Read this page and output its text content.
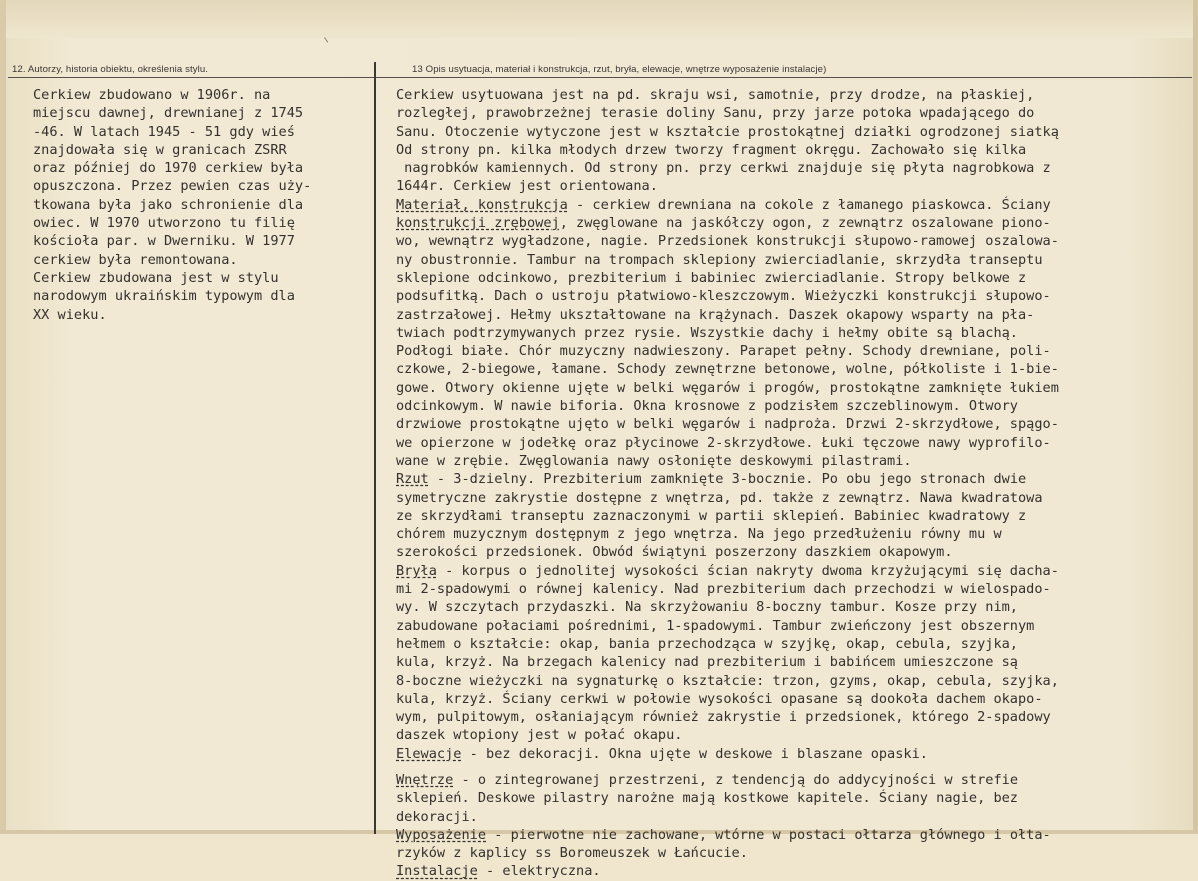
12. Autorzy, historia obiektu, określenia stylu.	13 Opis usytuacja, materiał i konstrukcja, rzut, bryła, elewacje, wnętrze wyposażenie instalacje)
Cerkiew zbudowano w 1906r. na
miejscu dawnej, drewnianej z 1745
-46. W latach 1945 - 51 gdy wieś
znajdowała się w granicach ZSRR
oraz później do 1970 cerkiew była
opuszczona. Przez pewien czas uży-
tkowana była jako schronienie dla
owiec. W 1970 utworzono tu filię
kościoła par. w Dwerniku. W 1977
cerkiew była remontowana.
Cerkiew zbudowana jest w stylu
narodowym ukraińskim typowym dla
XX wieku.
Cerkiew usytuowana jest na pd. skraju wsi, samotnie, przy drodze, na płaskiej,
rozległej, prawobrzeżnej terasie doliny Sanu, przy jarze potoka wpadającego do
Sanu. Otoczenie wytyczone jest w kształcie prostokątnej działki ogrodzonej siatką
Od strony pn. kilka młodych drzew tworzy fragment okręgu. Zachowało się kilka
nagrobków kamiennych. Od strony pn. przy cerkwi znajduje się płyta nagrobkowa z
1644r. Cerkiew jest orientowana.
Materiał, konstrukcja - cerkiew drewniana na cokole z łamanego piaskowca. Ściany
konstrukcji zrębowej, zwęglowane na jaskółczy ogon, z zewnątrz oszalowane piono-
wo, wewnątrz wygładzone, nagie. Przedsionek konstrukcji słupowo-ramowej oszalowa-
ny obustronnie. Tambur na trompach sklepiony zwierciadlanie, skrzydła transeptu
sklepione odcinkowo, prezbiterium i babiniec zwierciadlanie. Stropy belkowe z
podsufitką. Dach o ustroju płatwiowo-kleszczowym. Wieżyczki konstrukcji słupowo-
zastrzałowej. Hełmy ukształtowane na krążynach. Daszek okapowy wsparty na pła-
twiach podtrzymywanych przez rysie. Wszystkie dachy i hełmy obite są blachą.
Podłogi białe. Chór muzyczny nadwieszony. Parapet pełny. Schody drewniane, poli-
czkowe, 2-biegowe, łamane. Schody zewnętrzne betonowe, wolne, półkoliste i 1-bie-
gowe. Otwory okienne ujęte w belki węgarów i progów, prostokątne zamknięte łukiem
odcinkowym. W nawie biforia. Okna krosnowe z podzisłem szczeblinowym. Otwory
drzwiowe prostokątne ujęto w belki węgarów i nadproża. Drzwi 2-skrzydłowe, spągo-
we opierzone w jodełkę oraz płycinowe 2-skrzydłowe. Łuki tęczowe nawy wyprofilo-
wane w zrębie. Zwęglowania nawy osłonięte deskowymi pilastrami.
Rzut - 3-dzielny. Prezbiterium zamknięte 3-bocznie. Po obu jego stronach dwie
symetryczne zakrystie dostępne z wnętrza, pd. także z zewnątrz. Nawa kwadratowa
ze skrzydłami transeptu zaznaczonymi w partii sklepień. Babiniec kwadratowy z
chórem muzycznym dostępnym z jego wnętrza. Na jego przedłużeniu równy mu w
szerokości przedsionek. Obwód świątyni poszerzony daszkiem okapowym.
Bryła - korpus o jednolitej wysokości ścian nakryty dwoma krzyżującymi się dacha-
mi 2-spadowymi o równej kalenicy. Nad prezbiterium dach przechodzi w wielospado-
wy. W szczytach przydaszki. Na skrzyżowaniu 8-boczny tambur. Kosze przy nim,
zabudowane połaciami pośrednimi, 1-spadowymi. Tambur zwieńczony jest obszernym
hełmem o kształcie: okap, bania przechodząca w szyjkę, okap, cebula, szyjka,
kula, krzyż. Na brzegach kalenicy nad prezbiterium i babińcem umieszczone są
8-boczne wieżyczki na sygnaturkę o kształcie: trzon, gzyms, okap, cebula, szyjka,
kula, krzyż. Ściany cerkwi w połowie wysokości opasane są dookoła dachem okapo-
wym, pulpitowym, osłaniającym również zakrystie i przedsionek, którego 2-spadowy
daszek wtopiony jest w połać okapu.
Elewacje - bez dekoracji. Okna ujęte w deskowe i blaszane opaski.
Wnętrze - o zintegrowanej przestrzeni, z tendencją do addycyjności w strefie
sklepień. Deskowe pilastry narożne mają kostkowe kapitele. Ściany nagie, bez
dekoracji.
Wyposażenie - pierwotne nie zachowane, wtórne w postaci ołtarza głównego i ołta-
rzyków z kaplicy ss Boromeuszek w Łańcucie.
Instalacje - elektryczna.
